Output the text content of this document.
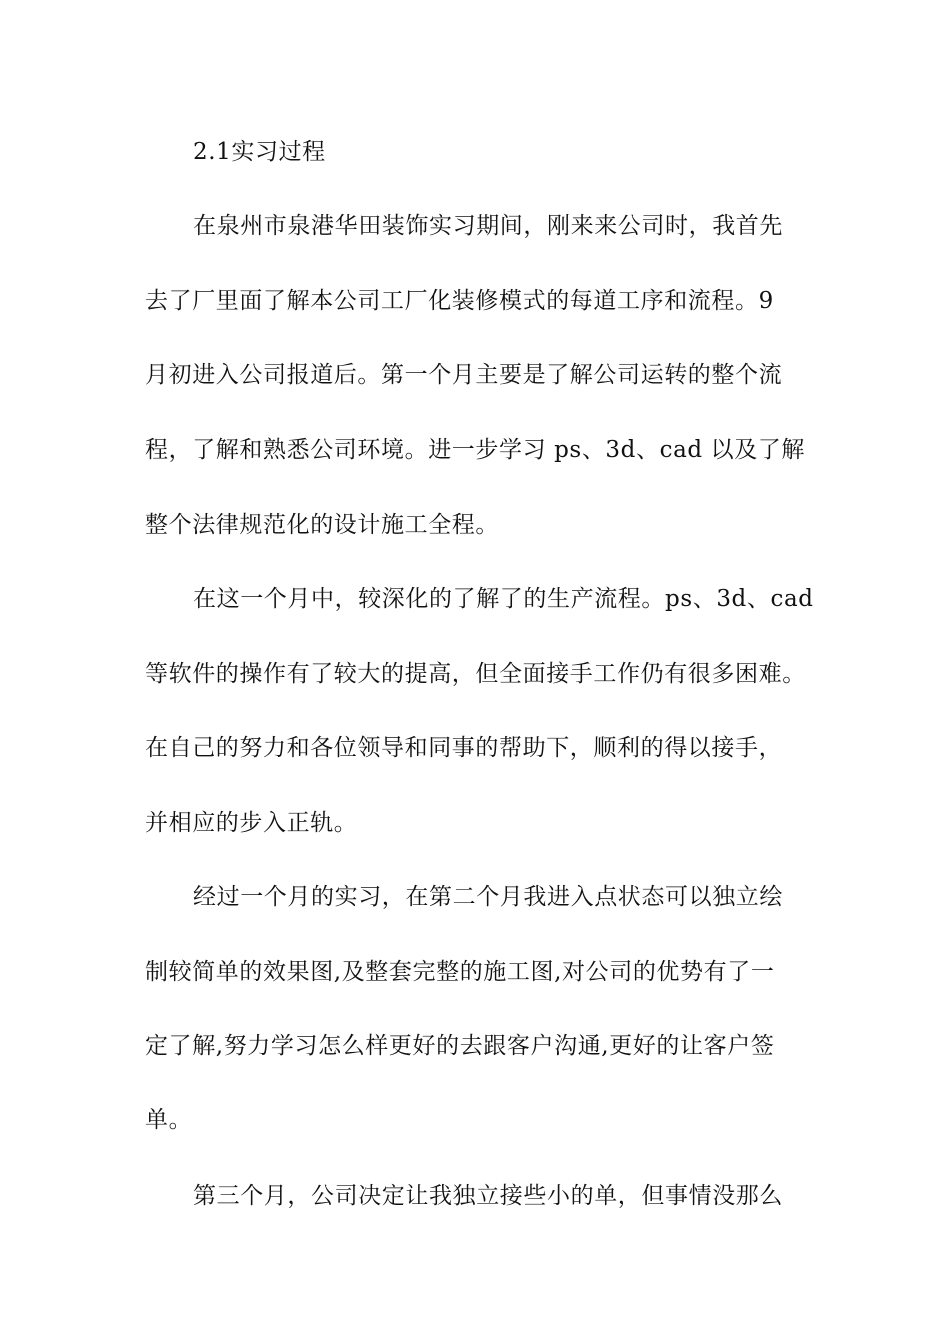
2.1实习过程
在泉州市泉港华田装饰实习期间，刚来来公司时，我首先
去了厂里面了解本公司工厂化装修模式的每道工序和流程。9
月初进入公司报道后。第一个月主要是了解公司运转的整个流
程，了解和熟悉公司环境。进一步学习 ps、3d、cad 以及了解
整个法律规范化的设计施工全程。
在这一个月中，较深化的了解了的生产流程。ps、3d、cad
等软件的操作有了较大的提高，但全面接手工作仍有很多困难。
在自己的努力和各位领导和同事的帮助下，顺利的得以接手，
并相应的步入正轨。
经过一个月的实习，在第二个月我进入点状态可以独立绘
制较简单的效果图,及整套完整的施工图,对公司的优势有了一
定了解,努力学习怎么样更好的去跟客户沟通,更好的让客户签
单。
第三个月，公司决定让我独立接些小的单，但事情没那么
